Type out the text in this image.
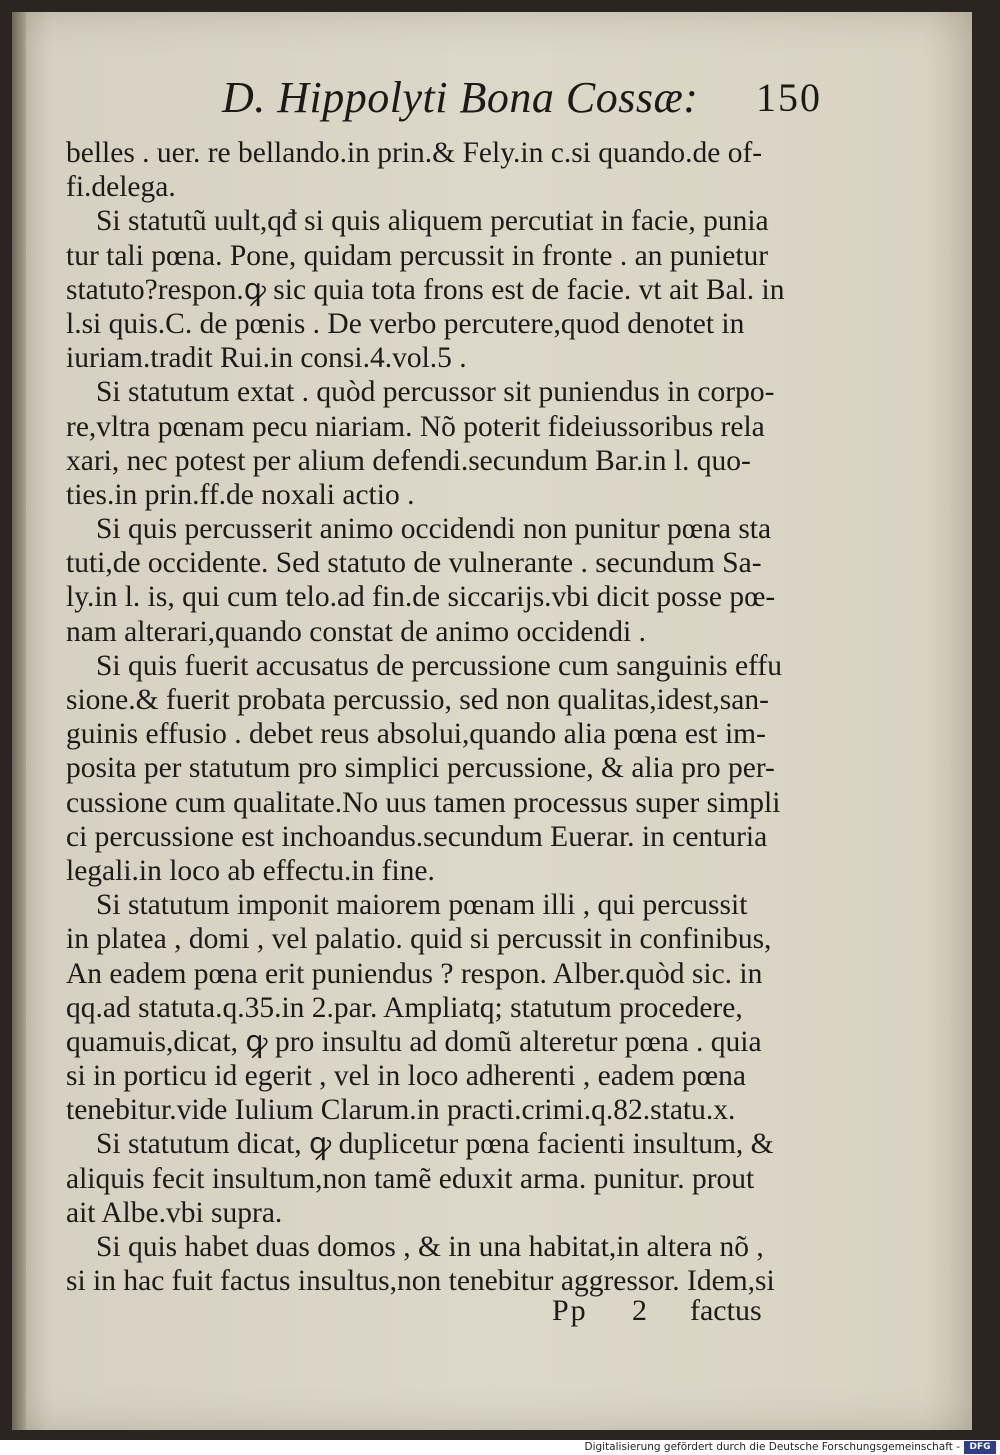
D. Hippolyti Bona Cossæ: 150
belles . uer. re bellando.in prin.& Fely.in c.si quando.de of-
fi.delega.
Si statutũ uult,qđ si quis aliquem percutiat in facie, punia
tur tali pœna. Pone, quidam percussit in fronte . an punietur
statuto?respon.ꝙ sic quia tota frons est de facie. vt ait Bal. in
l.si quis.C. de pœnis . De verbo percutere,quod denotet in
iuriam.tradit Rui.in consi.4.vol.5 .
Si statutum extat . quòd percussor sit puniendus in corpo-
re,vltra pœnam pecu niariam. Nõ poterit fideiussoribus rela
xari, nec potest per alium defendi.secundum Bar.in l. quo-
ties.in prin.ff.de noxali actio .
Si quis percusserit animo occidendi non punitur pœna sta
tuti,de occidente. Sed statuto de vulnerante . secundum Sa-
ly.in l. is, qui cum telo.ad fin.de siccarijs.vbi dicit posse pœ-
nam alterari,quando constat de animo occidendi .
Si quis fuerit accusatus de percussione cum sanguinis effu
sione.& fuerit probata percussio, sed non qualitas,idest,san-
guinis effusio . debet reus absolui,quando alia pœna est im-
posita per statutum pro simplici percussione, & alia pro per-
cussione cum qualitate.No uus tamen processus super simpli
ci percussione est inchoandus.secundum Euerar. in centuria
legali.in loco ab effectu.in fine.
Si statutum imponit maiorem pœnam illi , qui percussit
in platea , domi , vel palatio. quid si percussit in confinibus,
An eadem pœna erit puniendus ? respon. Alber.quòd sic. in
qq.ad statuta.q.35.in 2.par. Ampliatq; statutum procedere,
quamuis,dicat, ꝙ pro insultu ad domũ alteretur pœna . quia
si in porticu id egerit , vel in loco adherenti , eadem pœna
tenebitur.vide Iulium Clarum.in practi.crimi.q.82.statu.x.
Si statutum dicat, ꝙ duplicetur pœna facienti insultum, &
aliquis fecit insultum,non tamẽ eduxit arma. punitur. prout
ait Albe.vbi supra.
Si quis habet duas domos , & in una habitat,in altera nõ ,
si in hac fuit factus insultus,non tenebitur aggressor. Idem,si
Pp 2 factus
Digitalisierung gefördert durch die Deutsche Forschungsgemeinschaft -	DFG
